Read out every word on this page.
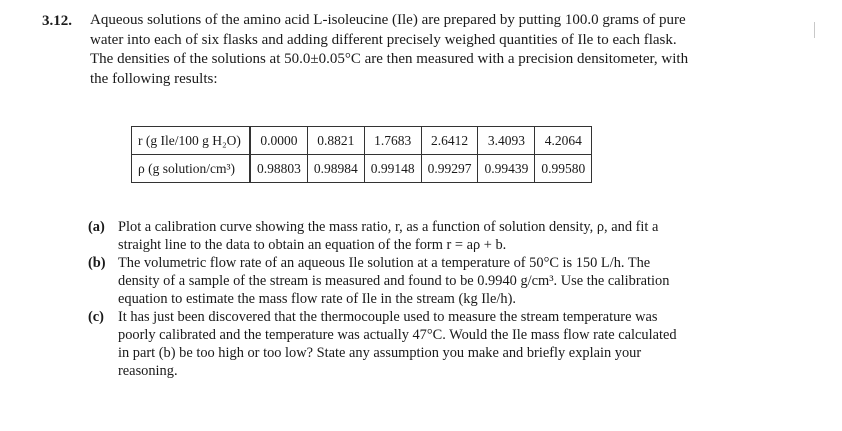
3.12. Aqueous solutions of the amino acid L-isoleucine (Ile) are prepared by putting 100.0 grams of pure
water into each of six flasks and adding different precisely weighed quantities of Ile to each flask.
The densities of the solutions at 50.0±0.05°C are then measured with a precision densitometer, with
the following results:
r (g Ile/100 g H₂O)	0.0000	0.8821	1.7683	2.6412	3.4093	4.2064
ρ (g solution/cm³)	0.98803	0.98984	0.99148	0.99297	0.99439	0.99580
(a) Plot a calibration curve showing the mass ratio, r, as a function of solution density, ρ, and fit a
straight line to the data to obtain an equation of the form r = aρ + b.
(b) The volumetric flow rate of an aqueous Ile solution at a temperature of 50°C is 150 L/h. The
density of a sample of the stream is measured and found to be 0.9940 g/cm³. Use the calibration
equation to estimate the mass flow rate of Ile in the stream (kg Ile/h).
(c) It has just been discovered that the thermocouple used to measure the stream temperature was
poorly calibrated and the temperature was actually 47°C. Would the Ile mass flow rate calculated
in part (b) be too high or too low? State any assumption you make and briefly explain your
reasoning.
